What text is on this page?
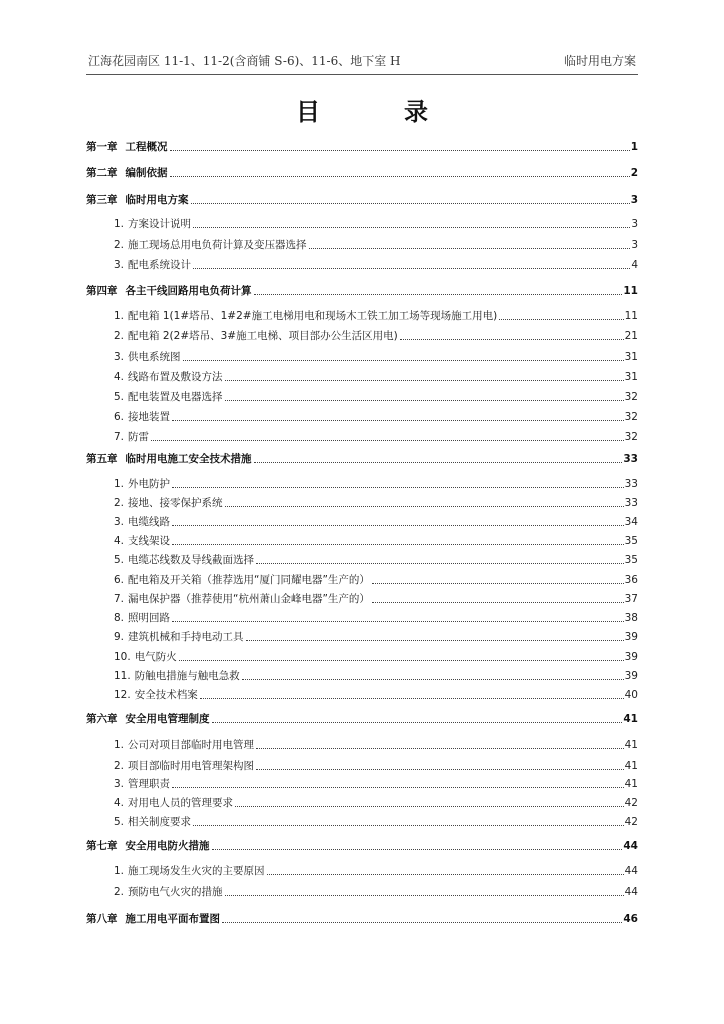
江海花园南区 11-1、11-2(含商铺 S-6)、11-6、地下室 H	临时用电方案
目　录
第一章 工程概况	1
第二章 编制依据	2
第三章 临时用电方案	3
1. 方案设计说明	3
2. 施工现场总用电负荷计算及变压器选择	3
3. 配电系统设计	4
第四章 各主干线回路用电负荷计算	11
1. 配电箱 1(1#塔吊、1#2#施工电梯用电和现场木工铁工加工场等现场施工用电)	11
2. 配电箱 2(2#塔吊、3#施工电梯、项目部办公生活区用电)	21
3. 供电系统图	31
4. 线路布置及敷设方法	31
5. 配电装置及电器选择	32
6. 接地装置	32
7. 防雷	32
第五章 临时用电施工安全技术措施	33
1. 外电防护	33
2. 接地、接零保护系统	33
3. 电缆线路	34
4. 支线架设	35
5. 电缆芯线数及导线截面选择	35
6. 配电箱及开关箱（推荐选用“厦门同耀电器”生产的）	36
7. 漏电保护器（推荐使用“杭州萧山金峰电器”生产的）	37
8. 照明回路	38
9. 建筑机械和手持电动工具	39
10. 电气防火	39
11. 防触电措施与触电急救	39
12. 安全技术档案	40
第六章 安全用电管理制度	41
1. 公司对项目部临时用电管理	41
2. 项目部临时用电管理架构图	41
3. 管理职责	41
4. 对用电人员的管理要求	42
5. 相关制度要求	42
第七章 安全用电防火措施	44
1. 施工现场发生火灾的主要原因	44
2. 预防电气火灾的措施	44
第八章 施工用电平面布置图	46
